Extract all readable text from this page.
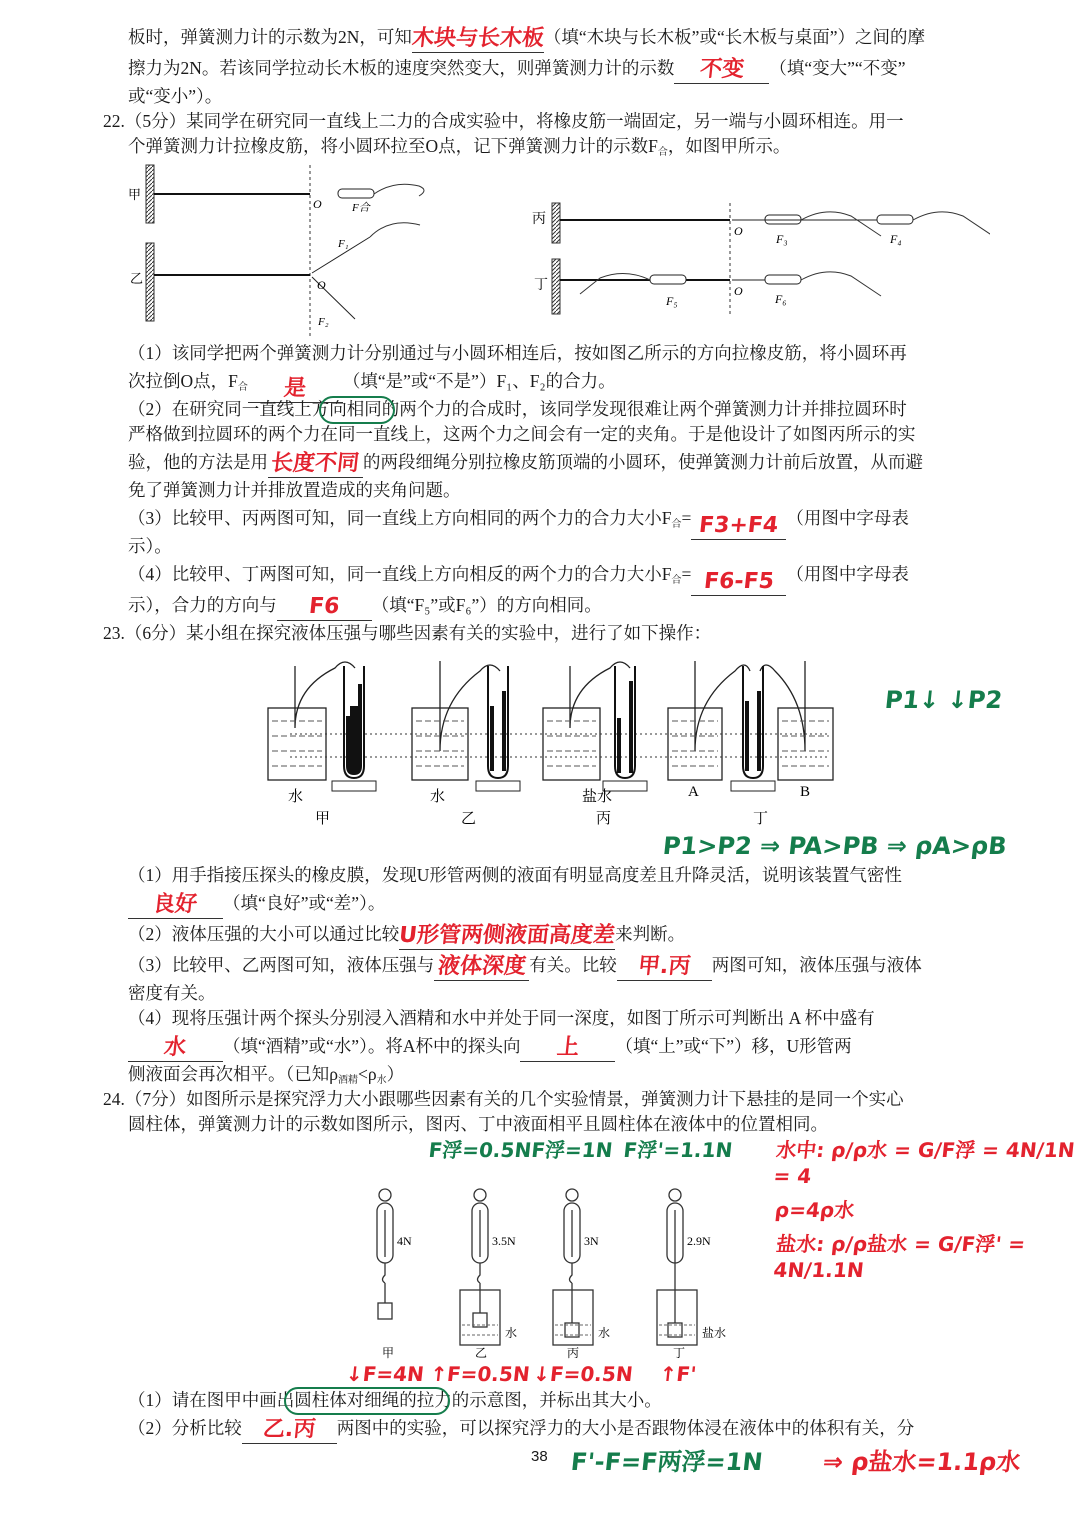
板时，弹簧测力计的示数为2N，可知木块与长木板（填“木块与长木板”或“长木板与桌面”）之间的摩
擦力为2N。若该同学拉动长木板的速度突然变大，则弹簧测力计的示数 不变 （填“变大”“不变”
或“变小”）。
22.（5分）某同学在研究同一直线上二力的合成实验中，将橡皮筋一端固定，另一端与小圆环相连。用一
个弹簧测力计拉橡皮筋，将小圆环拉至O点，记下弹簧测力计的示数$F_合$，如图甲所示。
甲
O	F合
乙
F₁
O
F₂
丙
O
F₃	F₄
丁	O
F₅	F₆
（1）该同学把两个弹簧测力计分别通过与小圆环相连后，按如图乙所示的方向拉橡皮筋，将小圆环再
次拉倒O点，$F_合$ 是 （填“是”或“不是”）F₁、F₂的合力。
（2）在研究同一直线上方向相同的两个力的合成时，该同学发现很难让两个弹簧测力计并排拉圆环时
严格做到拉圆环的两个力在同一直线上，这两个力之间会有一定的夹角。于是他设计了如图丙所示的实
验，他的方法是用 长度不同 的两段细绳分别拉橡皮筋顶端的小圆环，使弹簧测力计前后放置，从而避
免了弹簧测力计并排放置造成的夹角问题。
（3）比较甲、丙两图可知，同一直线上方向相同的两个力的合力大小$F_合= F3+F4$ （用图中字母表
示）。
（4）比较甲、丁两图可知，同一直线上方向相反的两个力的合力大小$F_合= F6-F5$ （用图中字母表
示），合力的方向与 F6 （填“F₅”或F₆”）的方向相同。
23.（6分）某小组在探究液体压强与哪些因素有关的实验中，进行了如下操作：
水	水	盐水	A	B
甲	乙	丙	丁
P1↓ ↓P2
P1>P2 ⇒ PA>PB ⇒ ρA>ρB
（1）用手指接压探头的橡皮膜，发现U形管两侧的液面有明显高度差且升降灵活，说明该装置气密性
良好 （填“良好”或“差”）。
（2）液体压强的大小可以通过比较U形管两侧液面高度差来判断。
（3）比较甲、乙两图可知，液体压强与 液体深度 有关。比较 甲.丙 两图可知，液体压强与液体
密度有关。
（4）现将压强计两个探头分别浸入酒精和水中并处于同一深度，如图丁所示可判断出 A 杯中盛有
水 （填“酒精”或“水”）。将A杯中的探头向 上 （填“上”或“下”）移，U形管两
侧液面会再次相平。（已知$\rho_{酒精}<\rho_水$）
24.（7分）如图所示是探究浮力大小跟哪些因素有关的几个实验情景，弹簧测力计下悬挂的是同一个实心
圆柱体，弹簧测力计的示数如图所示，图丙、丁中液面相平且圆柱体在液体中的位置相同。
F浮=0.5N
F浮=1N F浮'=1.1N
4N	3.5N	3N	2.9N
水	水	盐水
甲	乙	丙	丁
↓F=4N ↑F=0.5N ↓F=0.5N ↑F'
水中: ρ/ρ水 = G/F浮 = 4N/1N = 4
ρ=4ρ水
盐水: ρ/ρ盐水 = G/F浮' = 4N/1.1N
（1）请在图甲中画出圆柱体对细绳的拉力的示意图，并标出其大小。
（2）分析比较 乙.丙 两图中的实验，可以探究浮力的大小是否跟物体浸在液体中的体积有关，分
38 F'-F=F两浮=1N ⇒ ρ盐水=1.1ρ水
